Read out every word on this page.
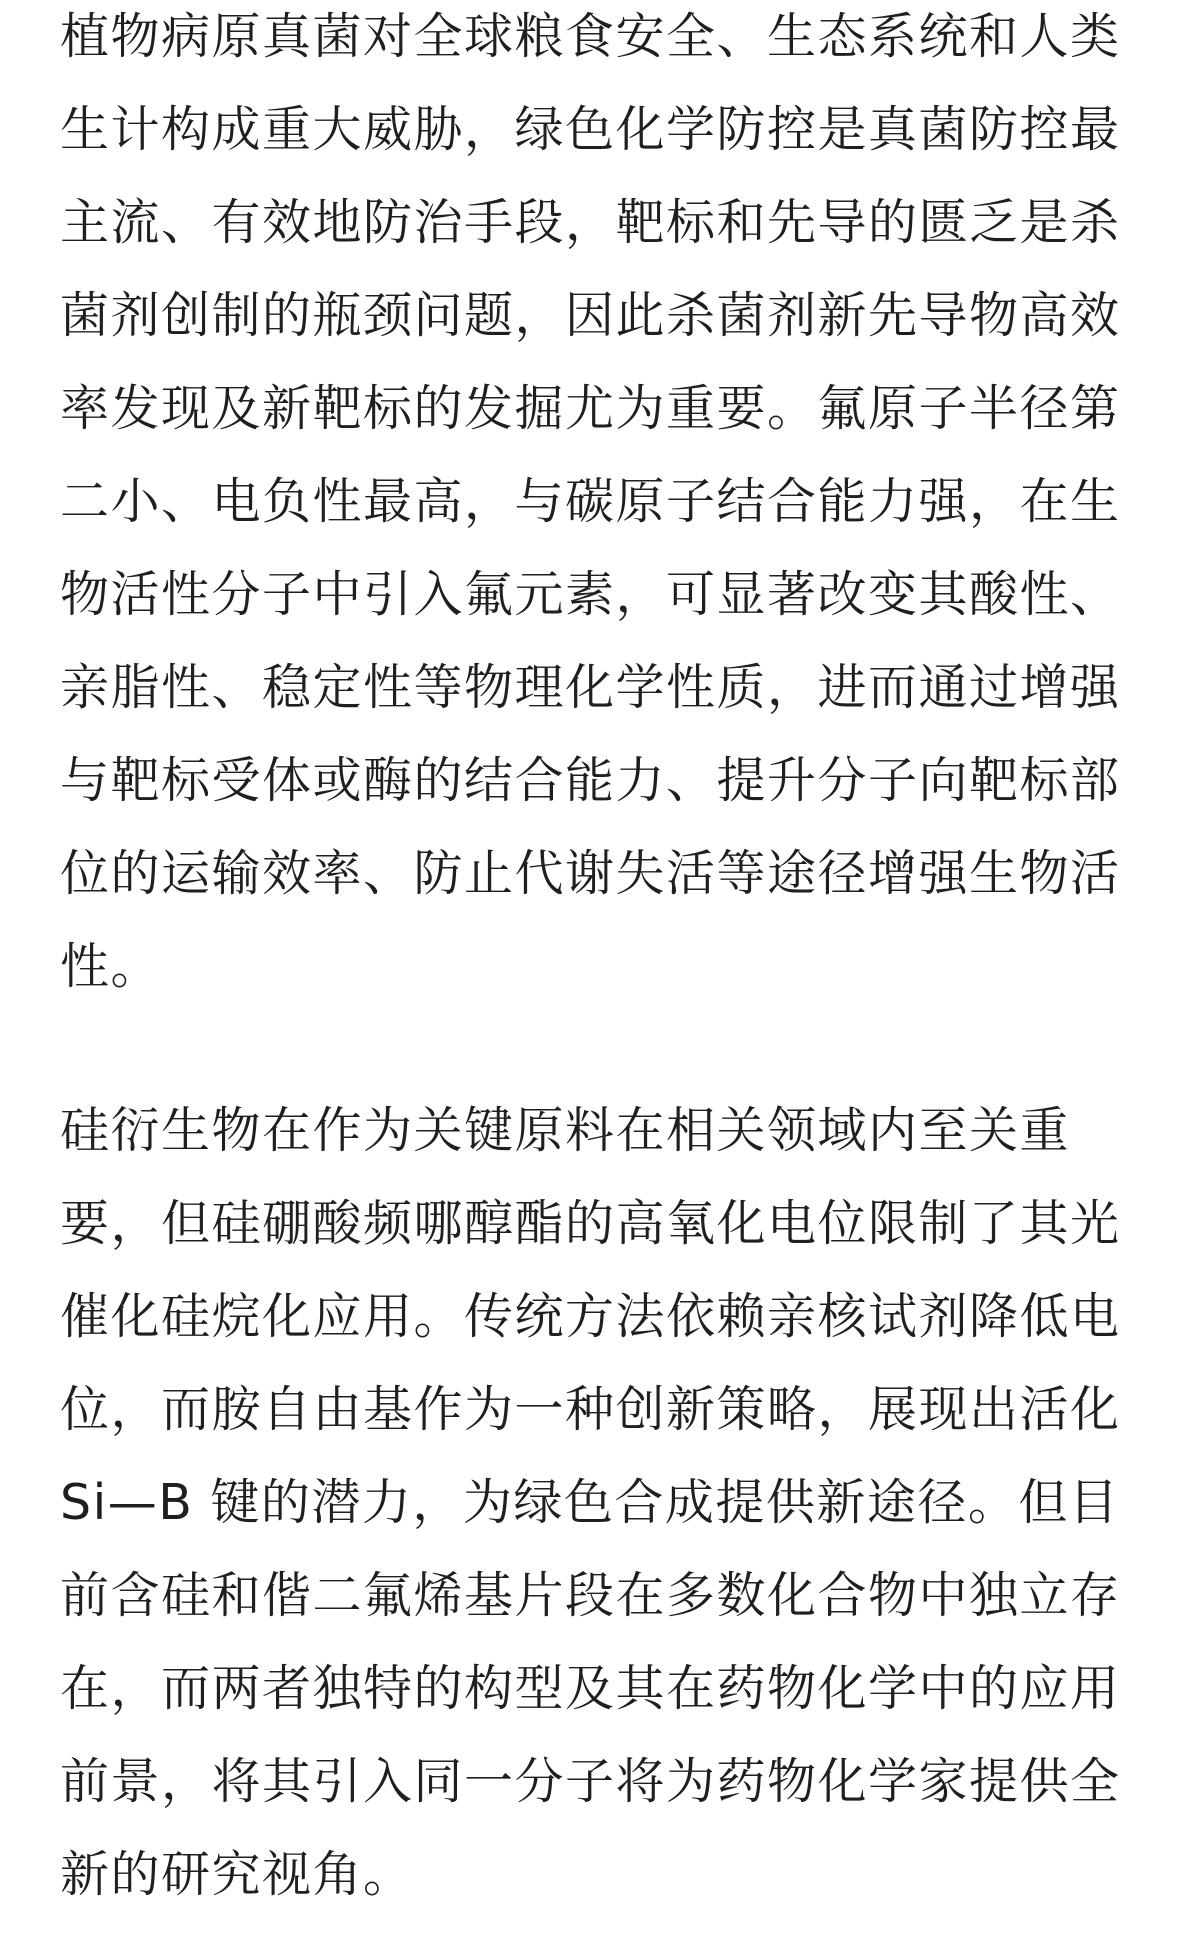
植物病原真菌对全球粮食安全、生态系统和人类
生计构成重大威胁，绿色化学防控是真菌防控最
主流、有效地防治手段，靶标和先导的匮乏是杀
菌剂创制的瓶颈问题，因此杀菌剂新先导物高效
率发现及新靶标的发掘尤为重要。氟原子半径第
二小、电负性最高，与碳原子结合能力强，在生
物活性分子中引入氟元素，可显著改变其酸性、
亲脂性、稳定性等物理化学性质，进而通过增强
与靶标受体或酶的结合能力、提升分子向靶标部
位的运输效率、防止代谢失活等途径增强生物活
性。
硅衍生物在作为关键原料在相关领域内至关重
要，但硅硼酸频哪醇酯的高氧化电位限制了其光
催化硅烷化应用。传统方法依赖亲核试剂降低电
位，而胺自由基作为一种创新策略，展现出活化
Si—B 键的潜力，为绿色合成提供新途径。但目
前含硅和偕二氟烯基片段在多数化合物中独立存
在，而两者独特的构型及其在药物化学中的应用
前景，将其引入同一分子将为药物化学家提供全
新的研究视角。
